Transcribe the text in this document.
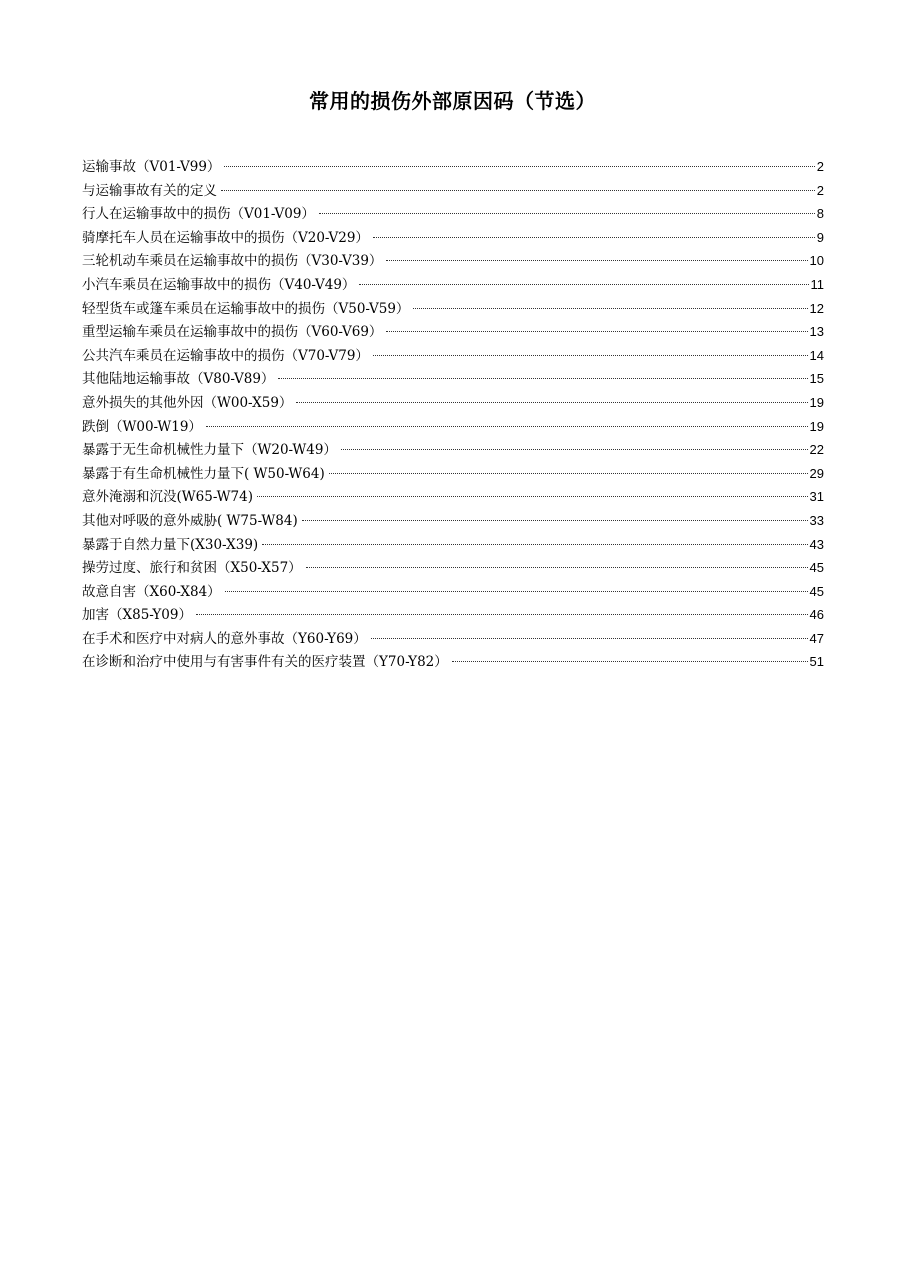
常用的损伤外部原因码（节选）
运输事故（V01-V99）	2
与运输事故有关的定义	2
行人在运输事故中的损伤（V01-V09）	8
骑摩托车人员在运输事故中的损伤（V20-V29）	9
三轮机动车乘员在运输事故中的损伤（V30-V39）	10
小汽车乘员在运输事故中的损伤（V40-V49）	11
轻型货车或篷车乘员在运输事故中的损伤（V50-V59）	12
重型运输车乘员在运输事故中的损伤（V60-V69）	13
公共汽车乘员在运输事故中的损伤（V70-V79）	14
其他陆地运输事故（V80-V89）	15
意外损失的其他外因（W00-X59）	19
跌倒（W00-W19）	19
暴露于无生命机械性力量下（W20-W49）	22
暴露于有生命机械性力量下( W50-W64)	29
意外淹溺和沉没(W65-W74)	31
其他对呼吸的意外威胁( W75-W84)	33
暴露于自然力量下(X30-X39)	43
操劳过度、旅行和贫困（X50-X57）	45
故意自害（X60-X84）	45
加害（X85-Y09）	46
在手术和医疗中对病人的意外事故（Y60-Y69）	47
在诊断和治疗中使用与有害事件有关的医疗装置（Y70-Y82）	51
